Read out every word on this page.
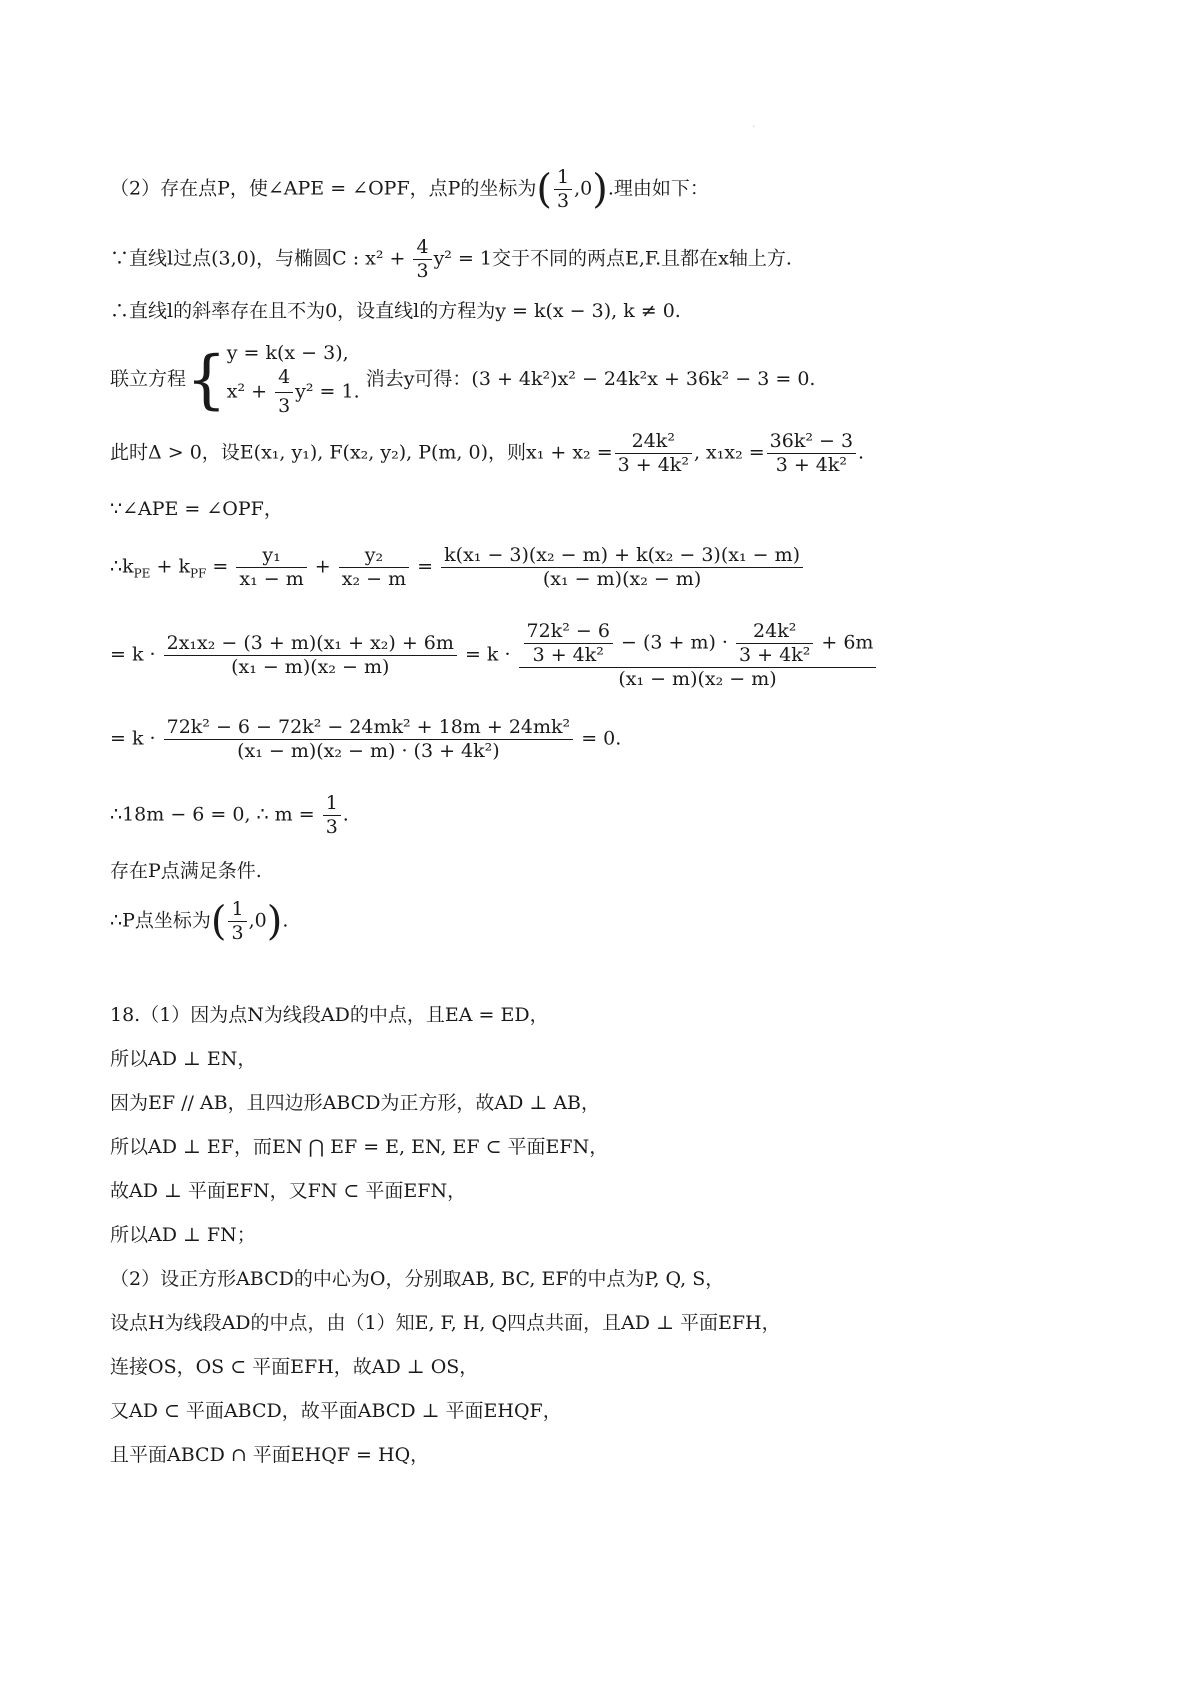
·
（2）存在点P，使∠APE = ∠OPF，点P的坐标为( $\frac{1}{3} ,0$).理由如下：
∵直线l过点(3,0)，与椭圆C : $x^2 + \frac{4}{3} y^2 = 1$交于不同的两点E,F.且都在x轴上方.
∴直线l的斜率存在且不为0，设直线l的方程为y = k(x − 3), k ≠ 0.
联立方程{ y = k(x − 3),
$x^2 + \frac{4}{3} y^2 = 1$.
消去y可得：(3 + 4k²)x² − 24k²x + 36k² − 3 = 0.
此时Δ > 0，设E(x₁, y₁), F(x₂, y₂), P(m, 0)，则$x_1 + x_2 = \frac{\text{24k²}}{\text{3 + 4k²}}$ , $x_1x_2 = \frac{\text{36k² − 3}}{\text{3 + 4k²}}$ .
∵∠APE = ∠OPF，
$\therefore k_{PE} + k_{PF} = \frac{\text{y₁}}{\text{x₁ − m}} + \frac{\text{y₂}}{\text{x₂ − m}} = \frac{\text{k(x₁ − 3)(x₂ − m) + k(x₂ − 3)(x₁ − m)}}{\text{(x₁ − m)(x₂ − m)}}$
= $k \cdot \frac{\text{2x₁x₂ − (3 + m)(x₁ + x₂) + 6m}}{\text{(x₁ − m)(x₂ − m)}} = k \cdot \frac{\text{72k² − 6}}{\text{3 + 4k²}} - (3 + m) \cdot \frac{\text{24k²}}{\text{3 + 4k²}} + 6m$
(x₁ − m)(x₂ − m)
= $k \cdot \frac{\text{72k² − 6 − 72k² − 24mk² + 18m + 24mk²}}{\text{(x₁ − m)(x₂ − m) · (3 + 4k²)}} = 0$.
∴18m − 6 = 0, ∴ $m = \frac{1}{3}$ .
存在P点满足条件.
∴P点坐标为( $\frac{1}{3} ,0$).
18.（1）因为点N为线段AD的中点，且EA = ED，
所以AD ⊥ EN，
因为EF // AB，且四边形ABCD为正方形，故AD ⊥ AB，
所以AD ⊥ EF，而EN ⋂ EF = E, EN, EF ⊂ 平面EFN，
故AD ⊥ 平面EFN，又FN ⊂ 平面EFN，
所以AD ⊥ FN；
（2）设正方形ABCD的中心为O，分别取AB, BC, EF的中点为P, Q, S，
设点H为线段AD的中点，由（1）知E, F, H, Q四点共面，且AD ⊥ 平面EFH，
连接OS，OS ⊂ 平面EFH，故AD ⊥ OS，
又AD ⊂ 平面ABCD，故平面ABCD ⊥ 平面EHQF，
且平面ABCD ∩ 平面EHQF = HQ，
